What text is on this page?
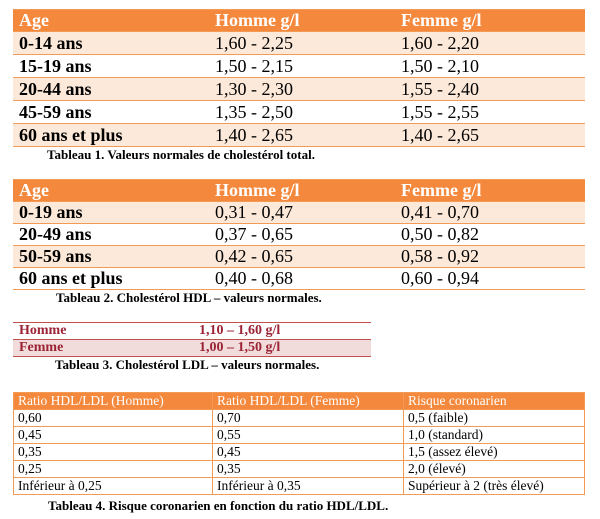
Age	Homme g/l	Femme g/l
0-14 ans	1,60 - 2,25	1,60 - 2,20
15-19 ans	1,50 - 2,15	1,50 - 2,10
20-44 ans	1,30 - 2,30	1,55 - 2,40
45-59 ans	1,35 - 2,50	1,55 - 2,55
60 ans et plus	1,40 - 2,65	1,40 - 2,65
Tableau 1. Valeurs normales de cholestérol total.
Age	Homme g/l	Femme g/l
0-19 ans	0,31 - 0,47	0,41 - 0,70
20-49 ans	0,37 - 0,65	0,50 - 0,82
50-59 ans	0,42 - 0,65	0,58 - 0,92
60 ans et plus	0,40 - 0,68	0,60 - 0,94
Tableau 2. Cholestérol HDL – valeurs normales.
Homme	1,10 – 1,60 g/l
Femme	1,00 – 1,50 g/l
Tableau 3. Cholestérol LDL – valeurs normales.
Ratio HDL/LDL (Homme)	Ratio HDL/LDL (Femme)	Risque coronarien
0,60	0,70	0,5 (faible)
0,45	0,55	1,0 (standard)
0,35	0,45	1,5 (assez élevé)
0,25	0,35	2,0 (élevé)
Inférieur à 0,25	Inférieur à 0,35	Supérieur à 2 (très élevé)
Tableau 4. Risque coronarien en fonction du ratio HDL/LDL.
